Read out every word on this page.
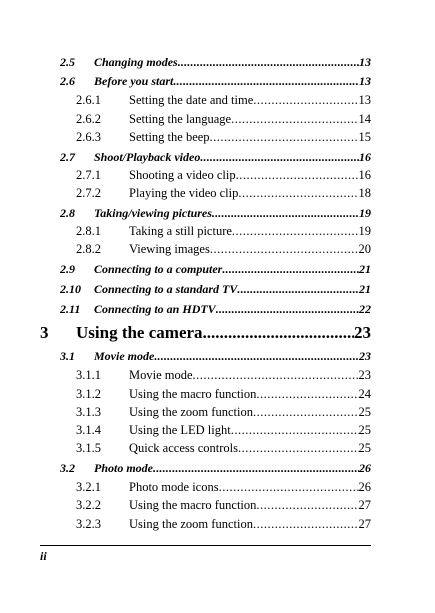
2.5	Changing modes .....	13
2.6	Before you start .....	13
2.6.1	Setting the date and time .....	13
2.6.2	Setting the language .....	14
2.6.3	Setting the beep .....	15
2.7	Shoot/Playback video .....	16
2.7.1	Shooting a video clip .....	16
2.7.2	Playing the video clip .....	18
2.8	Taking/viewing pictures .....	19
2.8.1	Taking a still picture .....	19
2.8.2	Viewing images .....	20
2.9	Connecting to a computer .....	21
2.10	Connecting to a standard TV .....	21
2.11	Connecting to an HDTV .....	22
3	Using the camera .....	23
3.1	Movie mode .....	23
3.1.1	Movie mode .....	23
3.1.2	Using the macro function .....	24
3.1.3	Using the zoom function .....	25
3.1.4	Using the LED light .....	25
3.1.5	Quick access controls .....	25
3.2	Photo mode .....	26
3.2.1	Photo mode icons .....	26
3.2.2	Using the macro function .....	27
3.2.3	Using the zoom function .....	27
ii
